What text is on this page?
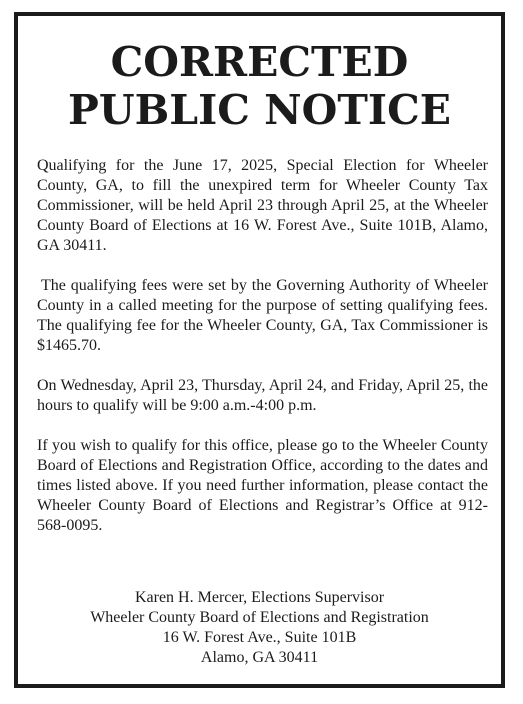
CORRECTED
PUBLIC NOTICE

Qualifying for the June 17, 2025, Special Election for Wheeler County, GA, to fill the unexpired term for Wheeler County Tax Commissioner, will be held April 23 through April 25, at the Wheeler County Board of Elections at 16 W. Forest Ave., Suite 101B, Alamo, GA 30411.

The qualifying fees were set by the Governing Authority of Wheeler County in a called meeting for the purpose of setting qualifying fees. The qualifying fee for the Wheeler County, GA, Tax Commissioner is $1465.70.

On Wednesday, April 23, Thursday, April 24, and Friday, April 25, the hours to qualify will be 9:00 a.m.-4:00 p.m.

If you wish to qualify for this office, please go to the Wheeler County Board of Elections and Registration Office, according to the dates and times listed above. If you need further information, please contact the Wheeler County Board of Elections and Registrar’s Office at 912-568-0095.

Karen H. Mercer, Elections Supervisor
Wheeler County Board of Elections and Registration
16 W. Forest Ave., Suite 101B
Alamo, GA 30411
